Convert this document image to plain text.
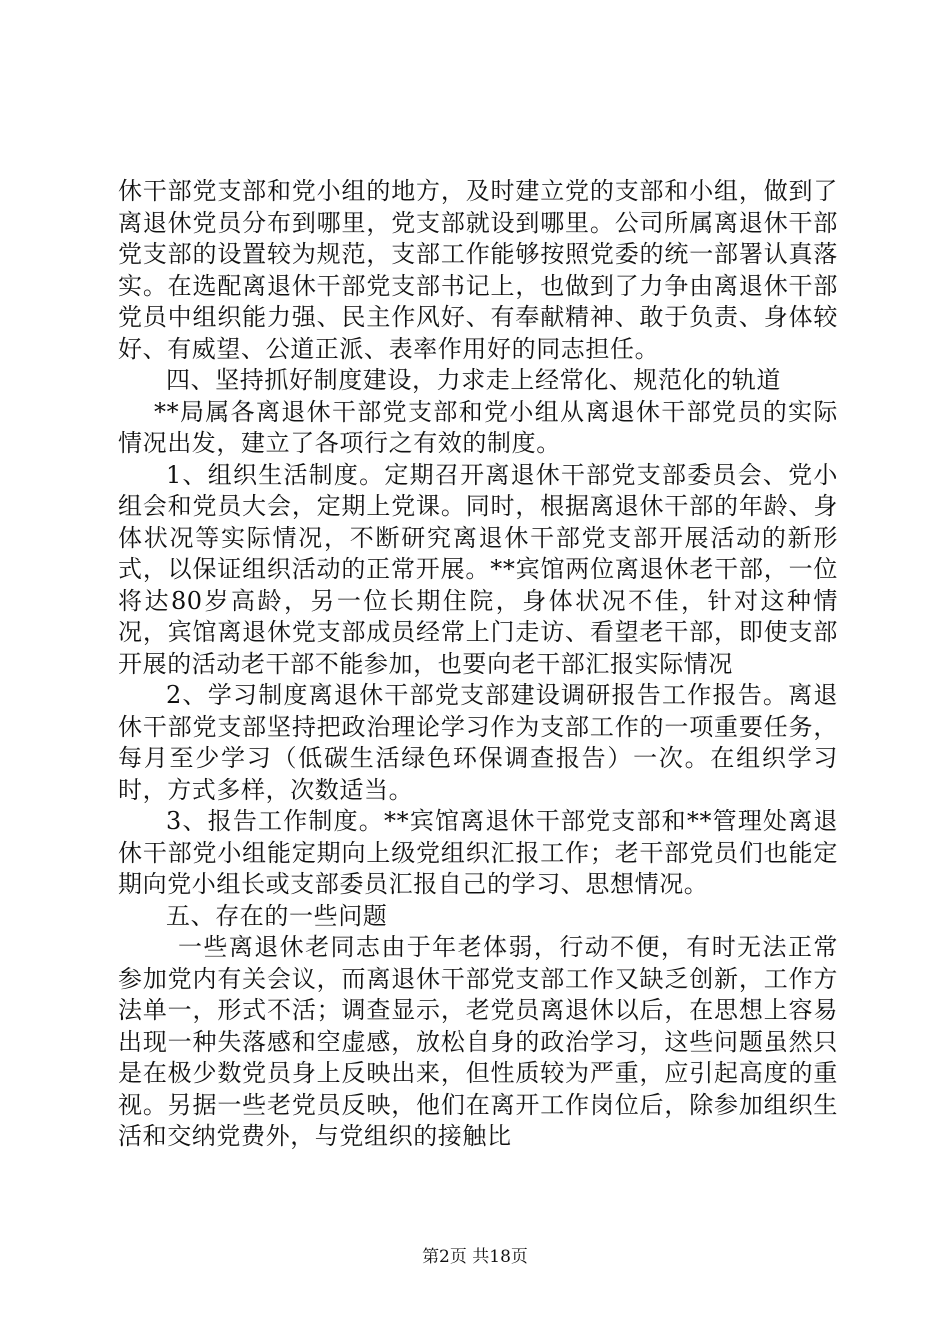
休干部党支部和党小组的地方，及时建立党的支部和小组，做到了离退休党员分布到哪里，党支部就设到哪里。公司所属离退休干部党支部的设置较为规范，支部工作能够按照党委的统一部署认真落实。在选配离退休干部党支部书记上，也做到了力争由离退休干部党员中组织能力强、民主作风好、有奉献精神、敢于负责、身体较好、有威望、公道正派、表率作用好的同志担任。

四、坚持抓好制度建设，力求走上经常化、规范化的轨道

**局属各离退休干部党支部和党小组从离退休干部党员的实际情况出发，建立了各项行之有效的制度。

1、组织生活制度。定期召开离退休干部党支部委员会、党小组会和党员大会，定期上党课。同时，根据离退休干部的年龄、身体状况等实际情况，不断研究离退休干部党支部开展活动的新形式，以保证组织活动的正常开展。**宾馆两位离退休老干部，一位将达80岁高龄，另一位长期住院，身体状况不佳，针对这种情况，宾馆离退休党支部成员经常上门走访、看望老干部，即使支部开展的活动老干部不能参加，也要向老干部汇报实际情况

2、学习制度离退休干部党支部建设调研报告工作报告。离退休干部党支部坚持把政治理论学习作为支部工作的一项重要任务，每月至少学习（低碳生活绿色环保调查报告）一次。在组织学习时，方式多样，次数适当。

3、报告工作制度。**宾馆离退休干部党支部和**管理处离退休干部党小组能定期向上级党组织汇报工作；老干部党员们也能定期向党小组长或支部委员汇报自己的学习、思想情况。

五、存在的一些问题

一些离退休老同志由于年老体弱，行动不便，有时无法正常参加党内有关会议，而离退休干部党支部工作又缺乏创新，工作方法单一，形式不活；调查显示，老党员离退休以后，在思想上容易出现一种失落感和空虚感，放松自身的政治学习，这些问题虽然只是在极少数党员身上反映出来，但性质较为严重，应引起高度的重视。另据一些老党员反映，他们在离开工作岗位后，除参加组织生活和交纳党费外，与党组织的接触比

第2页 共18页
